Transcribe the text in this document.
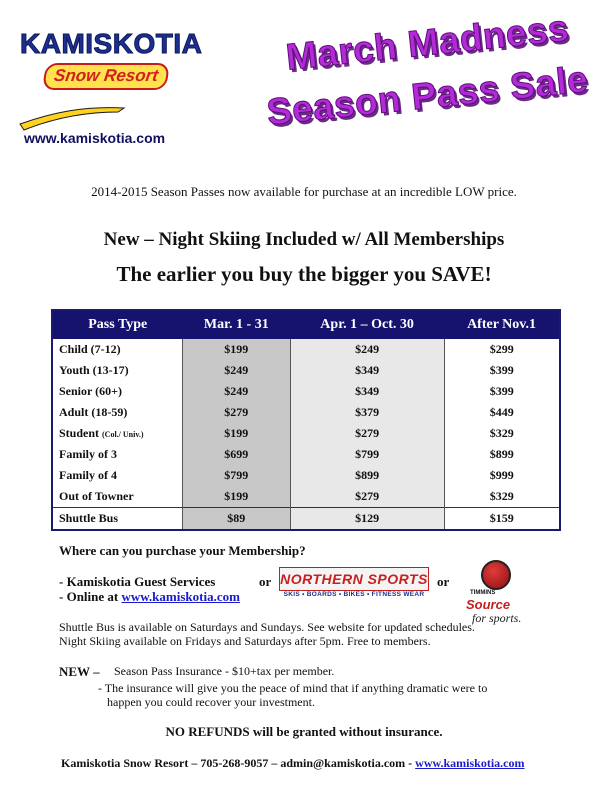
KAMISKOTIA
Snow Resort
www.kamiskotia.com
March Madness
Season Pass Sale
2014-2015 Season Passes now available for purchase at an incredible LOW price.
New – Night Skiing Included w/ All Memberships
The earlier you buy the bigger you SAVE!
Pass Type	Mar. 1 - 31	Apr. 1 – Oct. 30	After Nov.1
Child (7-12)	$199	$249	$299
Youth (13-17)	$249	$349	$399
Senior (60+)	$249	$349	$399
Adult (18-59)	$279	$379	$449
Student (Col./ Univ.)	$199	$279	$329
Family of 3	$699	$799	$899
Family of 4	$799	$899	$999
Out of Towner	$199	$279	$329
Shuttle Bus	$89	$129	$159
Where can you purchase your Membership?
- Kamiskotia Guest Services
- Online at www.kamiskotia.com
or	or
NORTHERN SPORTS
SKIS • BOARDS • BIKES • FITNESS WEAR	TIMMINS
Source
for sports.
Shuttle Bus is available on Saturdays and Sundays. See website for updated schedules.
Night Skiing available on Fridays and Saturdays after 5pm. Free to members.
NEW – Season Pass Insurance - $10+tax per member.
- The insurance will give you the peace of mind that if anything dramatic were to
happen you could recover your investment.
NO REFUNDS will be granted without insurance.
Kamiskotia Snow Resort – 705-268-9057 – admin@kamiskotia.com - www.kamiskotia.com
